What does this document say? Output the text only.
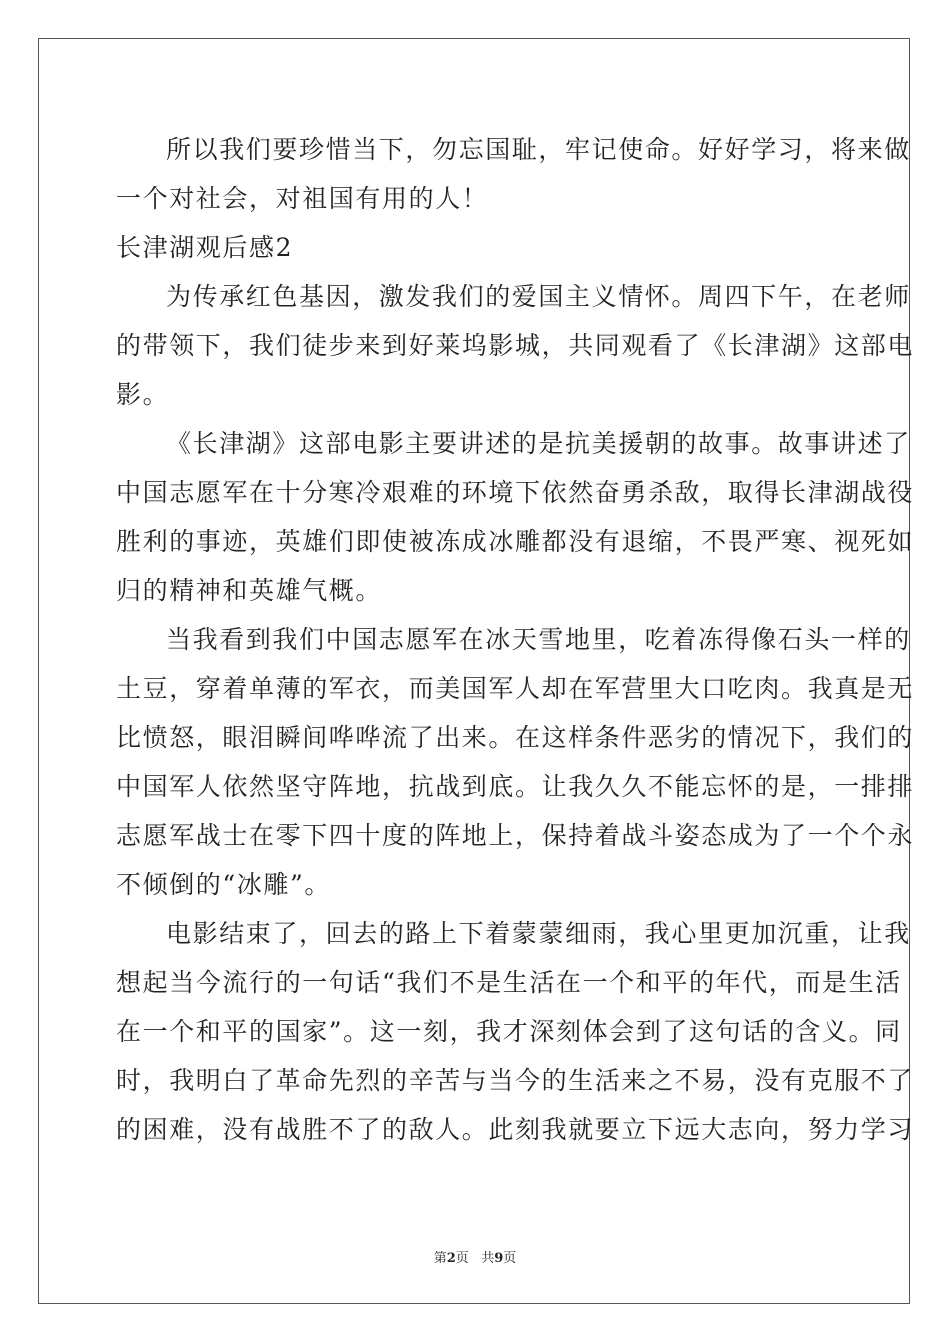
所以我们要珍惜当下，勿忘国耻，牢记使命。好好学习，将来做
一个对社会，对祖国有用的人！
长津湖观后感2
为传承红色基因，激发我们的爱国主义情怀。周四下午，在老师
的带领下，我们徒步来到好莱坞影城，共同观看了《长津湖》这部电
影。
《长津湖》这部电影主要讲述的是抗美援朝的故事。故事讲述了
中国志愿军在十分寒冷艰难的环境下依然奋勇杀敌，取得长津湖战役
胜利的事迹，英雄们即使被冻成冰雕都没有退缩，不畏严寒、视死如
归的精神和英雄气概。
当我看到我们中国志愿军在冰天雪地里，吃着冻得像石头一样的
土豆，穿着单薄的军衣，而美国军人却在军营里大口吃肉。我真是无
比愤怒，眼泪瞬间哗哗流了出来。在这样条件恶劣的情况下，我们的
中国军人依然坚守阵地，抗战到底。让我久久不能忘怀的是，一排排
志愿军战士在零下四十度的阵地上，保持着战斗姿态成为了一个个永
不倾倒的“冰雕”。
电影结束了，回去的路上下着蒙蒙细雨，我心里更加沉重，让我
想起当今流行的一句话“我们不是生活在一个和平的年代，而是生活
在一个和平的国家”。这一刻，我才深刻体会到了这句话的含义。同
时，我明白了革命先烈的辛苦与当今的生活来之不易，没有克服不了
的困难，没有战胜不了的敌人。此刻我就要立下远大志向，努力学习
第2页 共9页
